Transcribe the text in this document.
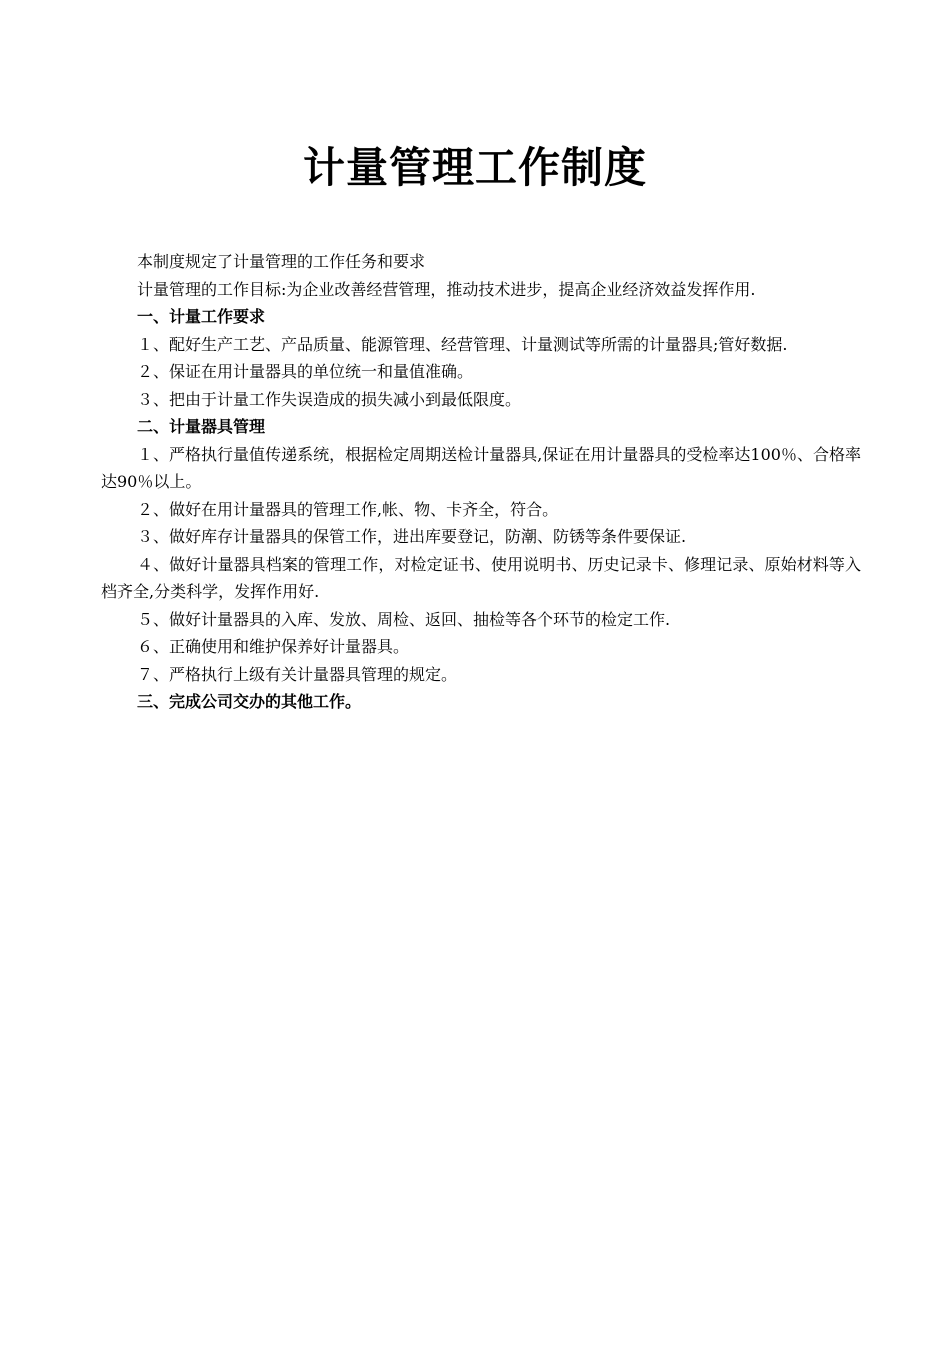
计量管理工作制度

本制度规定了计量管理的工作任务和要求

计量管理的工作目标:为企业改善经营管理，推动技术进步，提高企业经济效益发挥作用.

一、计量工作要求

１、配好生产工艺、产品质量、能源管理、经营管理、计量测试等所需的计量器具;管好数据.

２、保证在用计量器具的单位统一和量值准确。

３、把由于计量工作失误造成的损失减小到最低限度。

二、计量器具管理

１、严格执行量值传递系统，根据检定周期送检计量器具,保证在用计量器具的受检率达100％、合格率达90％以上。

２、做好在用计量器具的管理工作,帐、物、卡齐全，符合。

３、做好库存计量器具的保管工作，进出库要登记，防潮、防锈等条件要保证.

４、做好计量器具档案的管理工作，对检定证书、使用说明书、历史记录卡、修理记录、原始材料等入档齐全,分类科学，发挥作用好.

５、做好计量器具的入库、发放、周检、返回、抽检等各个环节的检定工作.

６、正确使用和维护保养好计量器具。

７、严格执行上级有关计量器具管理的规定。

三、完成公司交办的其他工作。
